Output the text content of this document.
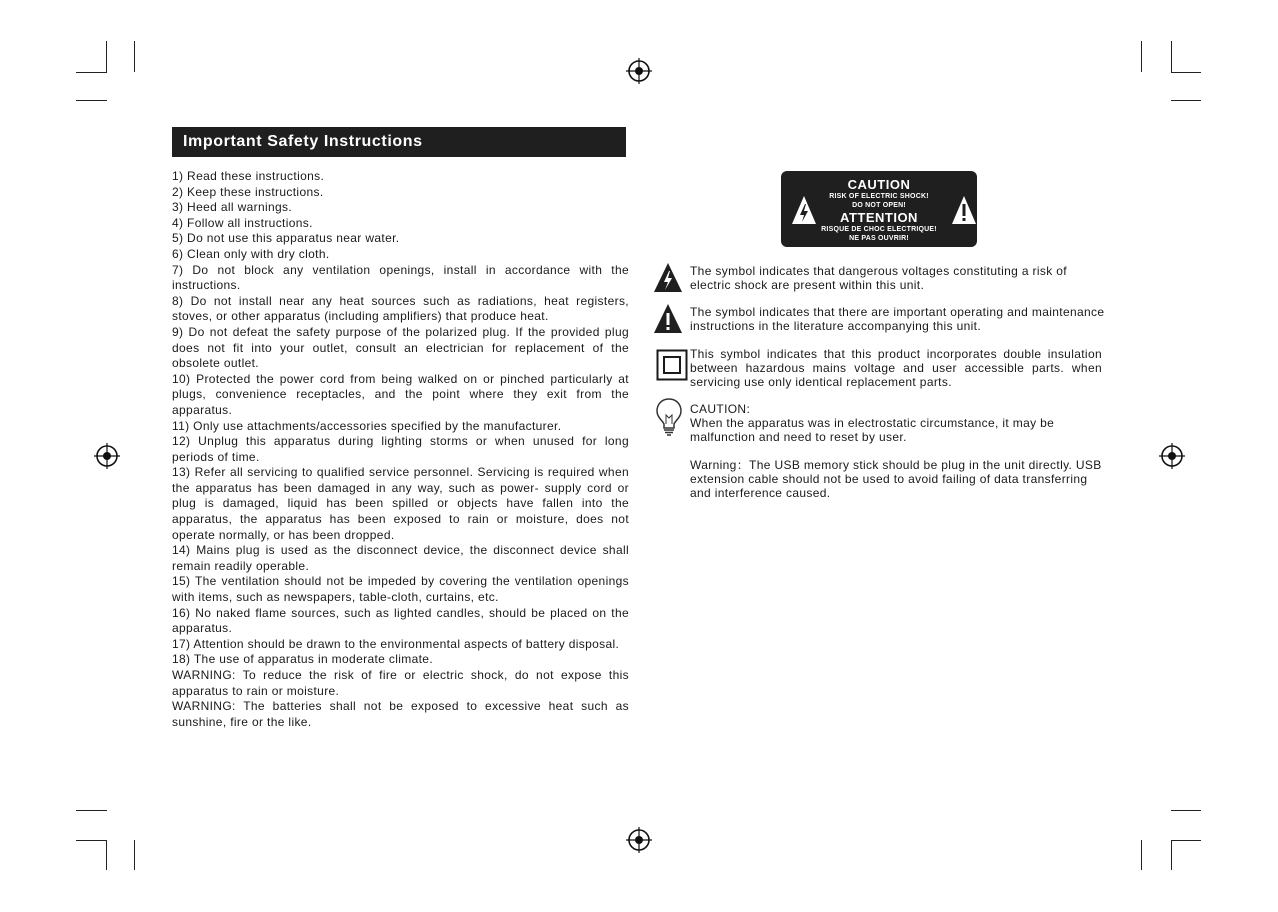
Important Safety Instructions

1) Read these instructions.

2) Keep these instructions.

3) Heed all warnings.

4) Follow all instructions.

5) Do not use this apparatus near water.

6) Clean only with dry cloth.

7) Do not block any ventilation openings, install in accordance with the instructions.

8) Do not install near any heat sources such as radiations, heat registers, stoves, or other apparatus (including amplifiers) that produce heat.

9) Do not defeat the safety purpose of the polarized plug. If the provided plug does not fit into your outlet, consult an electrician for replacement of the obsolete outlet.

10) Protected the power cord from being walked on or pinched particularly at plugs, convenience receptacles, and the point where they exit from the apparatus.

11) Only use attachments/accessories specified by the manufacturer.

12) Unplug this apparatus during lighting storms or when unused for long periods of time.

13) Refer all servicing to qualified service personnel. Servicing is required when the apparatus has been damaged in any way, such as power- supply cord or plug is damaged, liquid has been spilled or objects have fallen into the apparatus, the apparatus has been exposed to rain or moisture, does not operate normally, or has been dropped.

14) Mains plug is used as the disconnect device, the disconnect device shall remain readily operable.

15) The ventilation should not be impeded by covering the ventilation openings with items, such as newspapers, table-cloth, curtains, etc.

16) No naked flame sources, such as lighted candles, should be placed on the apparatus.

17) Attention should be drawn to the environmental aspects of battery disposal.

18) The use of apparatus in moderate climate.

WARNING: To reduce the risk of fire or electric shock, do not expose this apparatus to rain or moisture.

WARNING: The batteries shall not be exposed to excessive heat such as sunshine, fire or the like.

CAUTION
RISK OF ELECTRIC SHOCK!
DO NOT OPEN!
ATTENTION
RISQUE DE CHOC ELECTRIQUE!
NE PAS OUVRIR!

The symbol indicates that dangerous voltages constituting a risk of electric shock are present within this unit.

The symbol indicates that there are important operating and maintenance instructions in the literature accompanying this unit.

This symbol indicates that this product incorporates double insulation between hazardous mains voltage and user accessible parts. when servicing use only identical replacement parts.

CAUTION:

When the apparatus was in electrostatic circumstance, it may be malfunction and need to reset by user.

Warning：The USB memory stick should be plug in the unit directly. USB extension cable should not be used to avoid failing of data transferring and interference caused.
